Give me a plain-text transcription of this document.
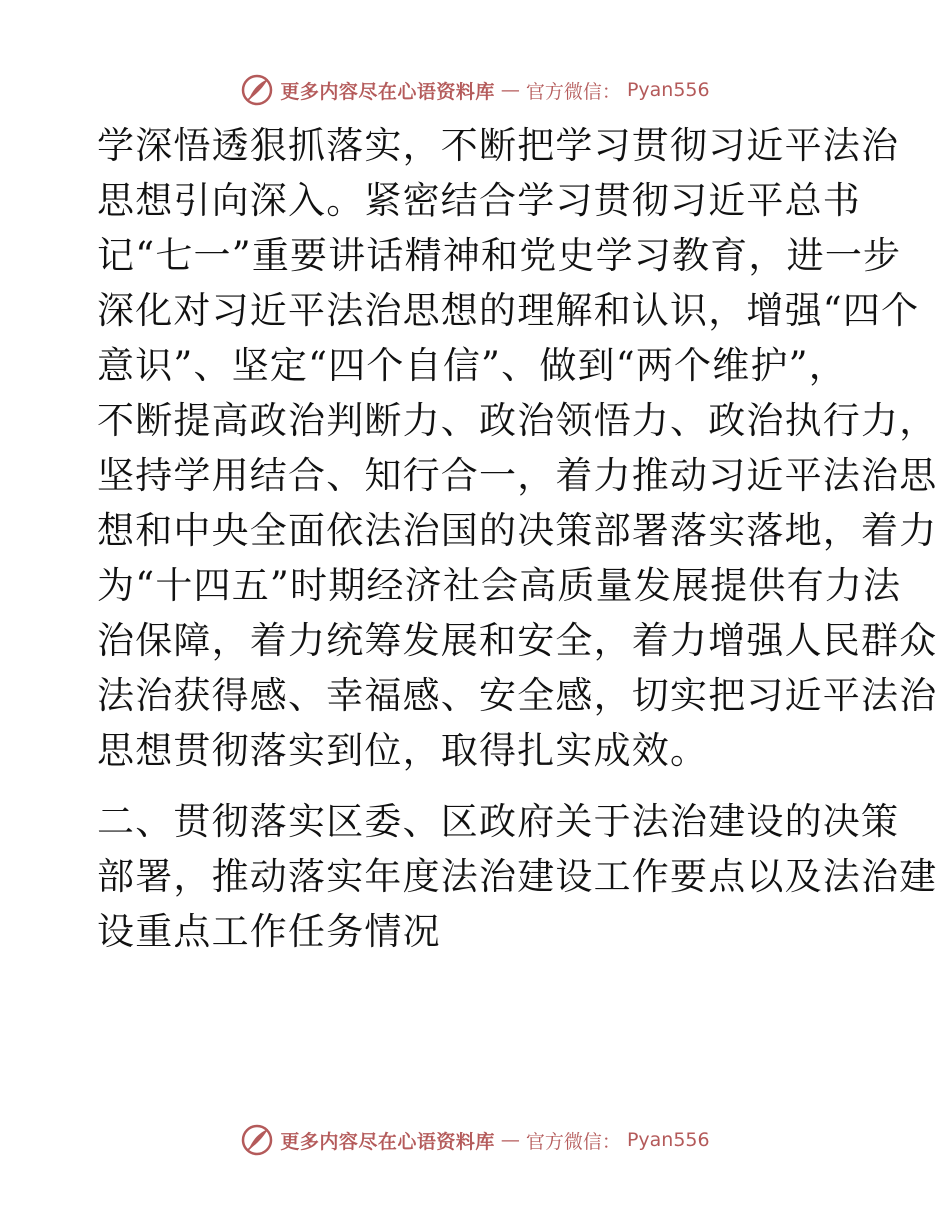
更多内容尽在心语资料库 — 官方微信： Pyan556
学深悟透狠抓落实，不断把学习贯彻习近平法治
思想引向深入。紧密结合学习贯彻习近平总书
记“七一”重要讲话精神和党史学习教育，进一步
深化对习近平法治思想的理解和认识，增强“四个
意识”、坚定“四个自信”、做到“两个维护”，
不断提高政治判断力、政治领悟力、政治执行力，
坚持学用结合、知行合一，着力推动习近平法治思
想和中央全面依法治国的决策部署落实落地，着力
为“十四五”时期经济社会高质量发展提供有力法
治保障，着力统筹发展和安全，着力增强人民群众
法治获得感、幸福感、安全感，切实把习近平法治
思想贯彻落实到位，取得扎实成效。
二、贯彻落实区委、区政府关于法治建设的决策
部署，推动落实年度法治建设工作要点以及法治建
设重点工作任务情况
更多内容尽在心语资料库 — 官方微信： Pyan556
